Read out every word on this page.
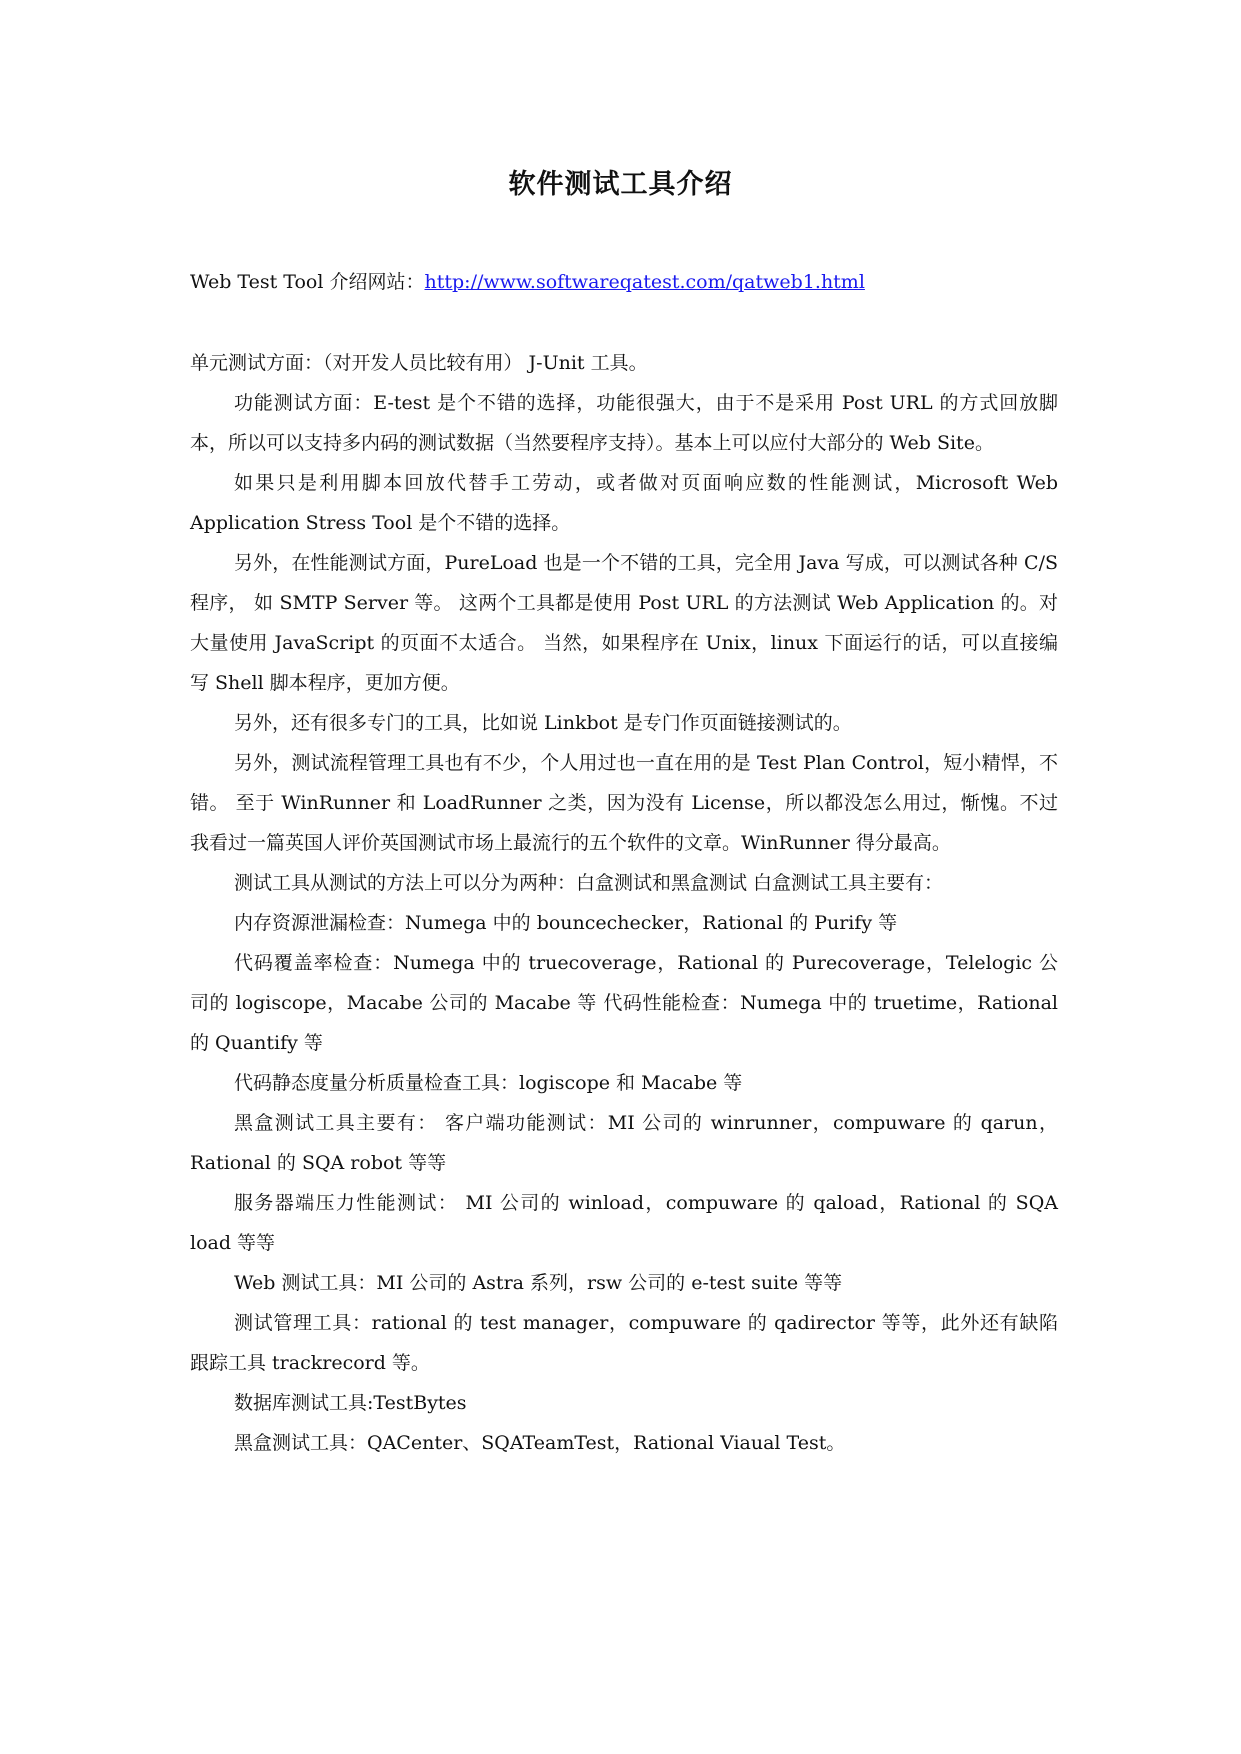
软件测试工具介绍
Web Test Tool 介绍网站：http://www.softwareqatest.com/qatweb1.html

单元测试方面：（对开发人员比较有用） J-Unit 工具。

功能测试方面：E-test 是个不错的选择，功能很强大，由于不是采用 Post URL 的方式回放脚本，所以可以支持多内码的测试数据（当然要程序支持）。基本上可以应付大部分的 Web Site。

如果只是利用脚本回放代替手工劳动，或者做对页面响应数的性能测试，Microsoft Web Application Stress Tool 是个不错的选择。

另外，在性能测试方面，PureLoad 也是一个不错的工具，完全用 Java 写成，可以测试各种 C/S 程序， 如 SMTP Server 等。 这两个工具都是使用 Post URL 的方法测试 Web Application 的。对大量使用 JavaScript 的页面不太适合。 当然，如果程序在 Unix，linux 下面运行的话，可以直接编写 Shell 脚本程序，更加方便。

另外，还有很多专门的工具，比如说 Linkbot 是专门作页面链接测试的。

另外，测试流程管理工具也有不少，个人用过也一直在用的是 Test Plan Control，短小精悍，不错。 至于 WinRunner 和 LoadRunner 之类，因为没有 License，所以都没怎么用过，惭愧。不过我看过一篇英国人评价英国测试市场上最流行的五个软件的文章。WinRunner 得分最高。

测试工具从测试的方法上可以分为两种：白盒测试和黑盒测试 白盒测试工具主要有：

内存资源泄漏检查：Numega 中的 bouncechecker，Rational 的 Purify 等

代码覆盖率检查：Numega 中的 truecoverage，Rational 的 Purecoverage，Telelogic 公司的 logiscope，Macabe 公司的 Macabe 等 代码性能检查：Numega 中的 truetime，Rational 的 Quantify 等

代码静态度量分析质量检查工具：logiscope 和 Macabe 等

黑盒测试工具主要有： 客户端功能测试：MI 公司的 winrunner，compuware 的 qarun，Rational 的 SQA robot 等等

服务器端压力性能测试： MI 公司的 winload，compuware 的 qaload，Rational 的 SQA load 等等

Web 测试工具：MI 公司的 Astra 系列，rsw 公司的 e-test suite 等等

测试管理工具：rational 的 test manager，compuware 的 qadirector 等等，此外还有缺陷跟踪工具 trackrecord 等。

数据库测试工具:TestBytes

黑盒测试工具：QACenter、SQATeamTest，Rational Viaual Test。
